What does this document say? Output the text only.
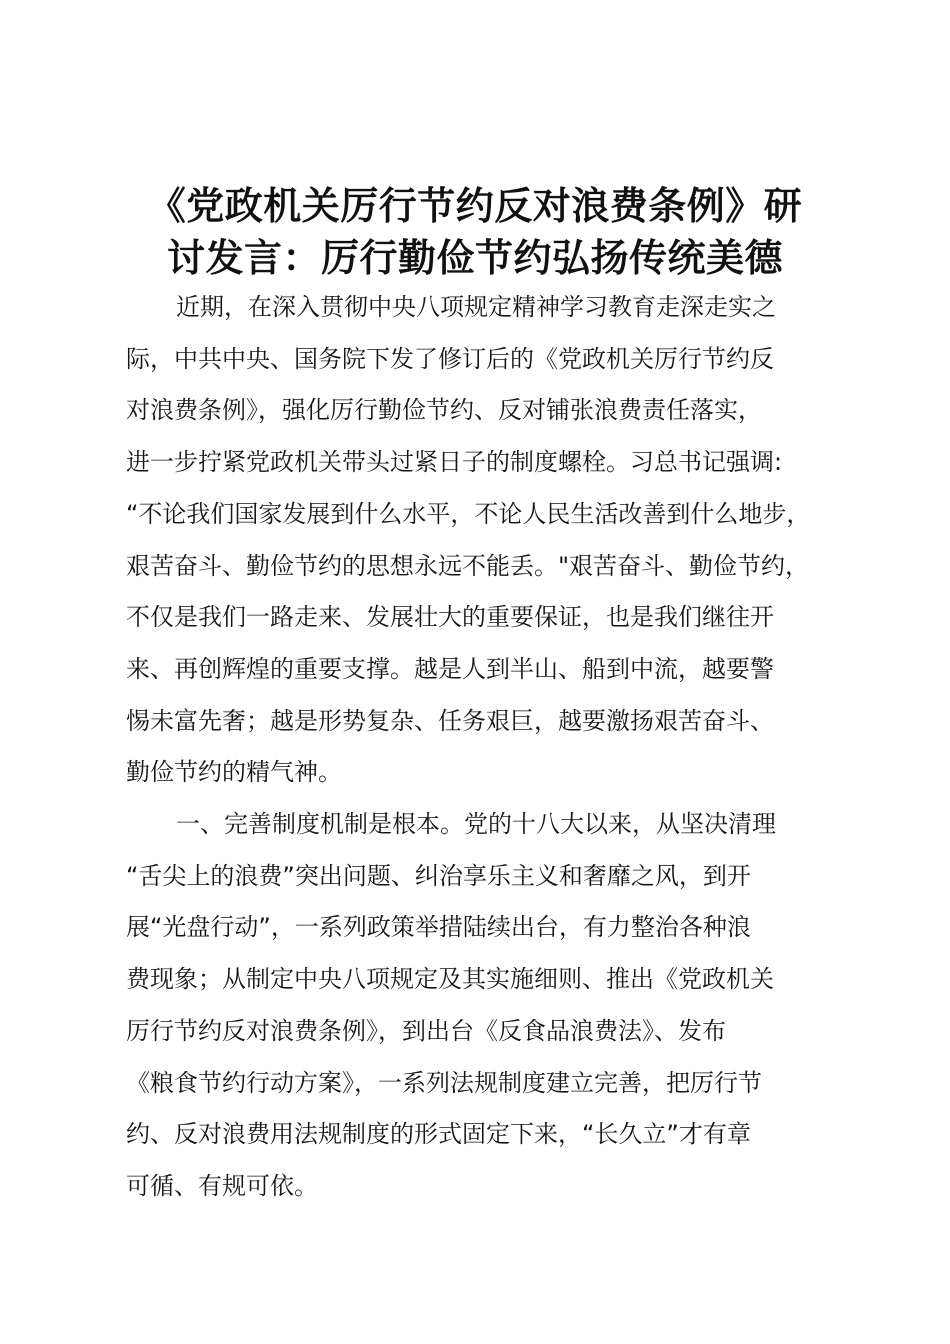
《党政机关厉行节约反对浪费条例》研
讨发言：厉行勤俭节约弘扬传统美德

近期，在深入贯彻中央八项规定精神学习教育走深走实之
际，中共中央、国务院下发了修订后的《党政机关厉行节约反
对浪费条例》，强化厉行勤俭节约、反对铺张浪费责任落实，
进一步拧紧党政机关带头过紧日子的制度螺栓。习总书记强调:
“不论我们国家发展到什么水平，不论人民生活改善到什么地步，
艰苦奋斗、勤俭节约的思想永远不能丢。"艰苦奋斗、勤俭节约，
不仅是我们一路走来、发展壮大的重要保证，也是我们继往开
来、再创辉煌的重要支撑。越是人到半山、船到中流，越要警
惕未富先奢；越是形势复杂、任务艰巨，越要激扬艰苦奋斗、
勤俭节约的精气神。

一、完善制度机制是根本。党的十八大以来，从坚决清理
“舌尖上的浪费”突出问题、纠治享乐主义和奢靡之风，到开
展“光盘行动”，一系列政策举措陆续出台，有力整治各种浪
费现象；从制定中央八项规定及其实施细则、推出《党政机关
厉行节约反对浪费条例》，到出台《反食品浪费法》、发布
《粮食节约行动方案》，一系列法规制度建立完善，把厉行节
约、反对浪费用法规制度的形式固定下来，“长久立”才有章
可循、有规可依。
